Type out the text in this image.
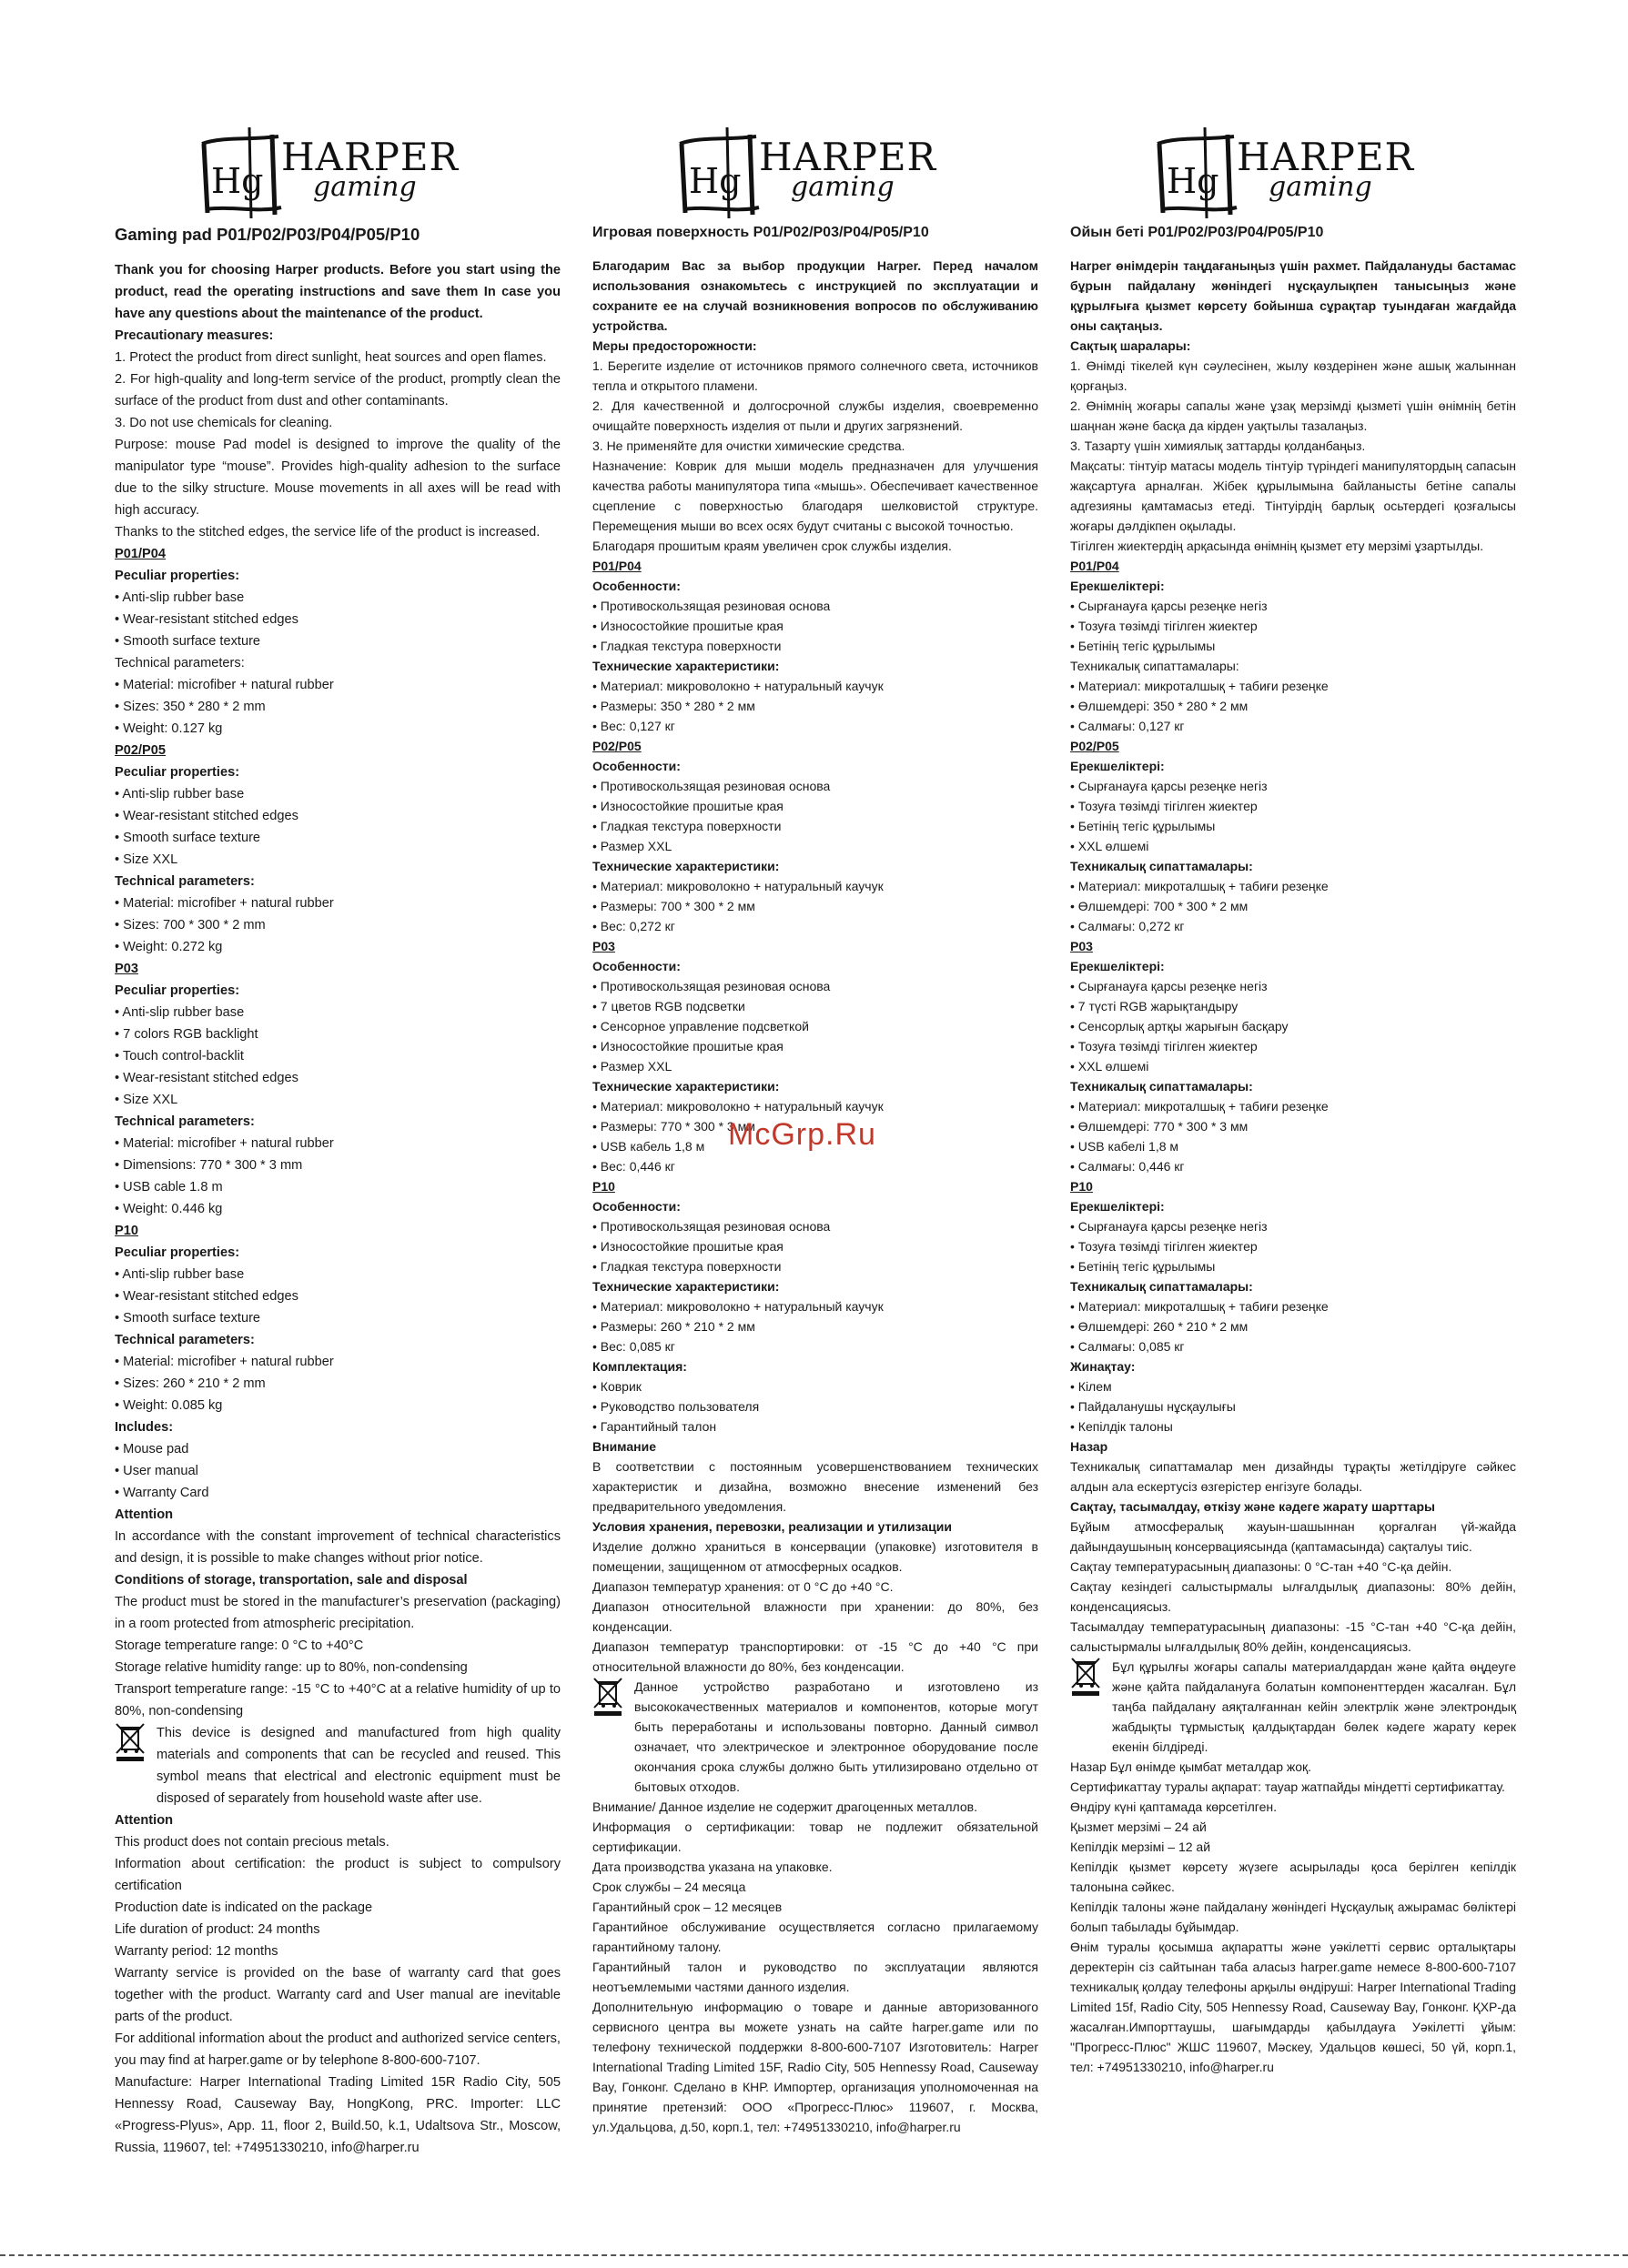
Hg
HARPER
gaming
Gaming pad P01/P02/P03/P04/P05/P10
Thank you for choosing Harper products. Before you start using the product, read the operating instructions and save them In case you have any questions about the maintenance of the product.
Precautionary measures:
1. Protect the product from direct sunlight, heat sources and open flames.
2. For high-quality and long-term service of the product, promptly clean the surface of the product from dust and other contaminants.
3. Do not use chemicals for cleaning.
Purpose: mouse Pad model is designed to improve the quality of the manipulator type “mouse”. Provides high-quality adhesion to the surface due to the silky structure. Mouse movements in all axes will be read with high accuracy.
Thanks to the stitched edges, the service life of the product is increased.
P01/P04
Peculiar properties:
• Anti-slip rubber base
• Wear-resistant stitched edges
• Smooth surface texture
Technical parameters:
• Material: microfiber + natural rubber
• Sizes: 350 * 280 * 2 mm
• Weight: 0.127 kg
P02/P05
Peculiar properties:
• Anti-slip rubber base
• Wear-resistant stitched edges
• Smooth surface texture
• Size XXL
Technical parameters:
• Material: microfiber + natural rubber
• Sizes: 700 * 300 * 2 mm
• Weight: 0.272 kg
P03
Peculiar properties:
• Anti-slip rubber base
• 7 colors RGB backlight
• Touch control-backlit
• Wear-resistant stitched edges
• Size XXL
Technical parameters:
• Material: microfiber + natural rubber
• Dimensions: 770 * 300 * 3 mm
• USB cable 1.8 m
• Weight: 0.446 kg
P10
Peculiar properties:
• Anti-slip rubber base
• Wear-resistant stitched edges
• Smooth surface texture
Technical parameters:
• Material: microfiber + natural rubber
• Sizes: 260 * 210 * 2 mm
• Weight: 0.085 kg
Includes:
• Mouse pad
• User manual
• Warranty Card
Attention
In accordance with the constant improvement of technical characteristics and design, it is possible to make changes without prior notice.
Conditions of storage, transportation, sale and disposal
The product must be stored in the manufacturer’s preservation (packaging) in a room protected from atmospheric precipitation.
Storage temperature range: 0 °C to +40°C
Storage relative humidity range: up to 80%, non-condensing
Transport temperature range: -15 °C to +40°C at a relative humidity of up to 80%, non-condensing
This device is designed and manufactured from high quality materials and components that can be recycled and reused. This symbol means that electrical and electronic equipment must be disposed of separately from household waste after use.
Attention
This product does not contain precious metals.
Information about certification: the product is subject to compulsory certification
Production date is indicated on the package
Life duration of product: 24 months
Warranty period: 12 months
Warranty service is provided on the base of warranty card that goes together with the product. Warranty card and User manual are inevitable parts of the product.
For additional information about the product and authorized service centers, you may find at harper.game or by telephone 8-800-600-7107.
Manufacture: Harper International Trading Limited 15R Radio City, 505 Hennessy Road, Causeway Bay, HongKong, PRC. Importer: LLC «Progress-Plyus», App. 11, floor 2, Build.50, k.1, Udaltsova Str., Moscow, Russia, 119607, tel: +74951330210, info@harper.ru
Hg
HARPER
gaming
Игровая поверхность P01/P02/P03/P04/P05/P10
Благодарим Вас за выбор продукции Harper. Перед началом использования ознакомьтесь с инструкцией по эксплуатации и сохраните ее на случай возникновения вопросов по обслуживанию устройства.
Меры предосторожности:
1. Берегите изделие от источников прямого солнечного света, источников тепла и открытого пламени.
2. Для качественной и долгосрочной службы изделия, своевременно очищайте поверхность изделия от пыли и других загрязнений.
3. Не применяйте для очистки химические средства.
Назначение: Коврик для мыши модель предназначен для улучшения качества работы манипулятора типа «мышь». Обеспечивает качественное сцепление с поверхностью благодаря шелковистой структуре. Перемещения мыши во всех осях будут считаны с высокой точностью.
Благодаря прошитым краям увеличен срок службы изделия.
P01/P04
Особенности:
• Противоскользящая резиновая основа
• Износостойкие прошитые края
• Гладкая текстура поверхности
Технические характеристики:
• Материал: микроволокно + натуральный каучук
• Размеры: 350 * 280 * 2 мм
• Вес: 0,127 кг
P02/P05
Особенности:
• Противоскользящая резиновая основа
• Износостойкие прошитые края
• Гладкая текстура поверхности
• Размер XXL
Технические характеристики:
• Материал: микроволокно + натуральный каучук
• Размеры: 700 * 300 * 2 мм
• Вес: 0,272 кг
P03
Особенности:
• Противоскользящая резиновая основа
• 7 цветов RGB подсветки
• Сенсорное управление подсветкой
• Износостойкие прошитые края
• Размер XXL
Технические характеристики:
• Материал: микроволокно + натуральный каучук
• Размеры: 770 * 300 * 3 мм
• USB кабель 1,8 м
• Вес: 0,446 кг
P10
Особенности:
• Противоскользящая резиновая основа
• Износостойкие прошитые края
• Гладкая текстура поверхности
Технические характеристики:
• Материал: микроволокно + натуральный каучук
• Размеры: 260 * 210 * 2 мм
• Вес: 0,085 кг
Комплектация:
• Коврик
• Руководство пользователя
• Гарантийный талон
Внимание
В соответствии с постоянным усовершенствованием технических характеристик и дизайна, возможно внесение изменений без предварительного уведомления.
Условия хранения, перевозки, реализации и утилизации
Изделие должно храниться в консервации (упаковке) изготовителя в помещении, защищенном от атмосферных осадков.
Диапазон температур хранения: от 0 °C до +40 °C.
Диапазон относительной влажности при хранении: до 80%, без конденсации.
Диапазон температур транспортировки: от -15 °C до +40 °C при относительной влажности до 80%, без конденсации.
Данное устройство разработано и изготовлено из высококачественных материалов и компонентов, которые могут быть переработаны и использованы повторно. Данный символ означает, что электрическое и электронное оборудование после окончания срока службы должно быть утилизировано отдельно от бытовых отходов.
Внимание/ Данное изделие не содержит драгоценных металлов.
Информация о сертификации: товар не подлежит обязательной сертификации.
Дата производства указана на упаковке.
Срок службы – 24 месяца
Гарантийный срок – 12 месяцев
Гарантийное обслуживание осуществляется согласно прилагаемому гарантийному талону.
Гарантийный талон и руководство по эксплуатации являются неотъемлемыми частями данного изделия.
Дополнительную информацию о товаре и данные авторизованного сервисного центра вы можете узнать на сайте harper.game или по телефону технической поддержки 8-800-600-7107 Изготовитель: Harper International Trading Limited 15F, Radio City, 505 Hennessy Road, Causeway Bay, Гонконг. Сделано в КНР. Импортер, организация уполномоченная на принятие претензий: ООО «Прогресс-Плюс» 119607, г. Москва, ул.Удальцова, д.50, корп.1, тел: +74951330210, info@harper.ru
Hg
HARPER
gaming
Ойын беті P01/P02/P03/P04/P05/P10
Harper өнімдерін таңдағаныңыз үшін рахмет. Пайдалануды бастамас бұрын пайдалану жөніндегі нұсқаулықпен танысыңыз және құрылғыға қызмет көрсету бойынша сұрақтар туындаған жағдайда оны сақтаңыз.
Сақтық шаралары:
1. Өнімді тікелей күн сәулесінен, жылу көздерінен және ашық жалыннан қорғаңыз.
2. Өнімнің жоғары сапалы және ұзақ мерзімді қызметі үшін өнімнің бетін шаңнан және басқа да кірден уақтылы тазалаңыз.
3. Тазарту үшін химиялық заттарды қолданбаңыз.
Мақсаты: тінтуір матасы модель тінтуір түріндегі манипулятордың сапасын жақсартуға арналған. Жібек құрылымына байланысты бетіне сапалы адгезияны қамтамасыз етеді. Тінтуірдің барлық осьтердегі қозғалысы жоғары дәлдікпен оқылады.
Тігілген жиектердің арқасында өнімнің қызмет ету мерзімі ұзартылды.
P01/P04
Ерекшеліктері:
• Сырғанауға қарсы резеңке негіз
• Тозуға төзімді тігілген жиектер
• Бетінің тегіс құрылымы
Техникалық сипаттамалары:
• Материал: микроталшық + табиғи резеңке
• Өлшемдері: 350 * 280 * 2 мм
• Салмағы: 0,127 кг
P02/P05
Ерекшеліктері:
• Сырғанауға қарсы резеңке негіз
• Тозуға төзімді тігілген жиектер
• Бетінің тегіс құрылымы
• XXL өлшемі
Техникалық сипаттамалары:
• Материал: микроталшық + табиғи резеңке
• Өлшемдері: 700 * 300 * 2 мм
• Салмағы: 0,272 кг
P03
Ерекшеліктері:
• Сырғанауға қарсы резеңке негіз
• 7 түсті RGB жарықтандыру
• Сенсорлық артқы жарығын басқару
• Тозуға төзімді тігілген жиектер
• XXL өлшемі
Техникалық сипаттамалары:
• Материал: микроталшық + табиғи резеңке
• Өлшемдері: 770 * 300 * 3 мм
• USB кабелі 1,8 м
• Салмағы: 0,446 кг
P10
Ерекшеліктері:
• Сырғанауға қарсы резеңке негіз
• Тозуға төзімді тігілген жиектер
• Бетінің тегіс құрылымы
Техникалық сипаттамалары:
• Материал: микроталшық + табиғи резеңке
• Өлшемдері: 260 * 210 * 2 мм
• Салмағы: 0,085 кг
Жинақтау:
• Кілем
• Пайдаланушы нұсқаулығы
• Кепілдік талоны
Назар
Техникалық сипаттамалар мен дизайнды тұрақты жетілдіруге сәйкес алдын ала ескертусіз өзгерістер енгізуге болады.
Сақтау, тасымалдау, өткізу және кәдеге жарату шарттары
Бұйым атмосфералық жауын-шашыннан қорғалған үй-жайда дайындаушының консервациясында (қаптамасында) сақталуы тиіс.
Сақтау температурасының диапазоны: 0 °С-тан +40 °С-қа дейін.
Сақтау кезіндегі салыстырмалы ылғалдылық диапазоны: 80% дейін, конденсациясыз.
Тасымалдау температурасының диапазоны: -15 °С-тан +40 °С-қа дейін, салыстырмалы ылғалдылық 80% дейін, конденсациясыз.
Бұл құрылғы жоғары сапалы материалдардан және қайта өңдеуге және қайта пайдалануға болатын компоненттерден жасалған. Бұл таңба пайдалану аяқталғаннан кейін электрлік және электрондық жабдықты тұрмыстық қалдықтардан бөлек кәдеге жарату керек екенін білдіреді.
Назар Бұл өнімде қымбат металдар жоқ.
Сертификаттау туралы ақпарат: тауар жатпайды міндетті сертификаттау.
Өндіру күні қаптамада көрсетілген.
Қызмет мерзімі – 24 ай
Кепілдік мерзімі – 12 ай
Кепілдік қызмет көрсету жүзеге асырылады қоса берілген кепілдік талонына сәйкес.
Кепілдік талоны және пайдалану жөніндегі Нұсқаулық ажырамас бөліктері болып табылады бұйымдар.
Өнім туралы қосымша ақпаратты және уәкілетті сервис орталықтары деректерін сіз сайтынан таба аласыз harper.game немесе 8-800-600-7107 техникалық қолдау телефоны арқылы өндіруші: Harper International Trading Limited 15f, Radio City, 505 Hennessy Road, Causeway Bay, Гонконг. ҚХР-да жасалған.Импорттаушы, шағымдарды қабылдауға Уәкілетті ұйым: "Прогресс-Плюс" ЖШС 119607, Мәскеу, Удальцов көшесі, 50 үй, корп.1, тел: +74951330210, info@harper.ru
McGrp.Ru
